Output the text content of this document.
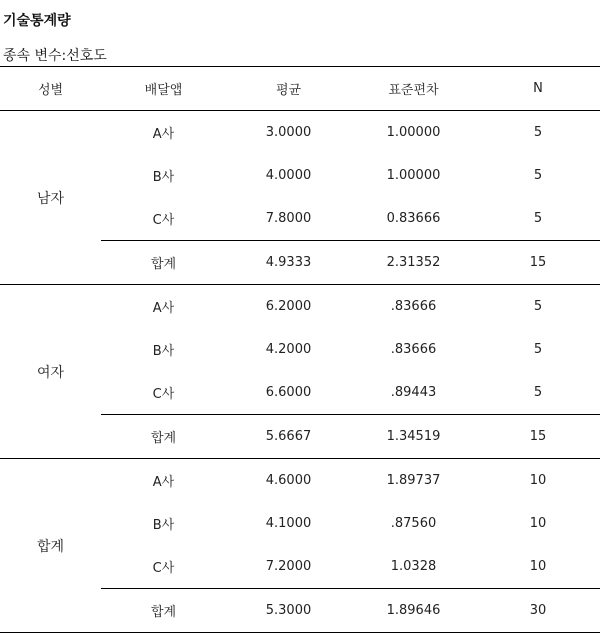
기술통계량
종속 변수:선호도
성별	배달앱	평균	표준편차	N
남자	A사	3.0000	1.00000	5
	B사	4.0000	1.00000	5
	C사	7.8000	0.83666	5
	합계	4.9333	2.31352	15
여자	A사	6.2000	.83666	5
	B사	4.2000	.83666	5
	C사	6.6000	.89443	5
	합계	5.6667	1.34519	15
합계	A사	4.6000	1.89737	10
	B사	4.1000	.87560	10
	C사	7.2000	1.0328	10
	합계	5.3000	1.89646	30
